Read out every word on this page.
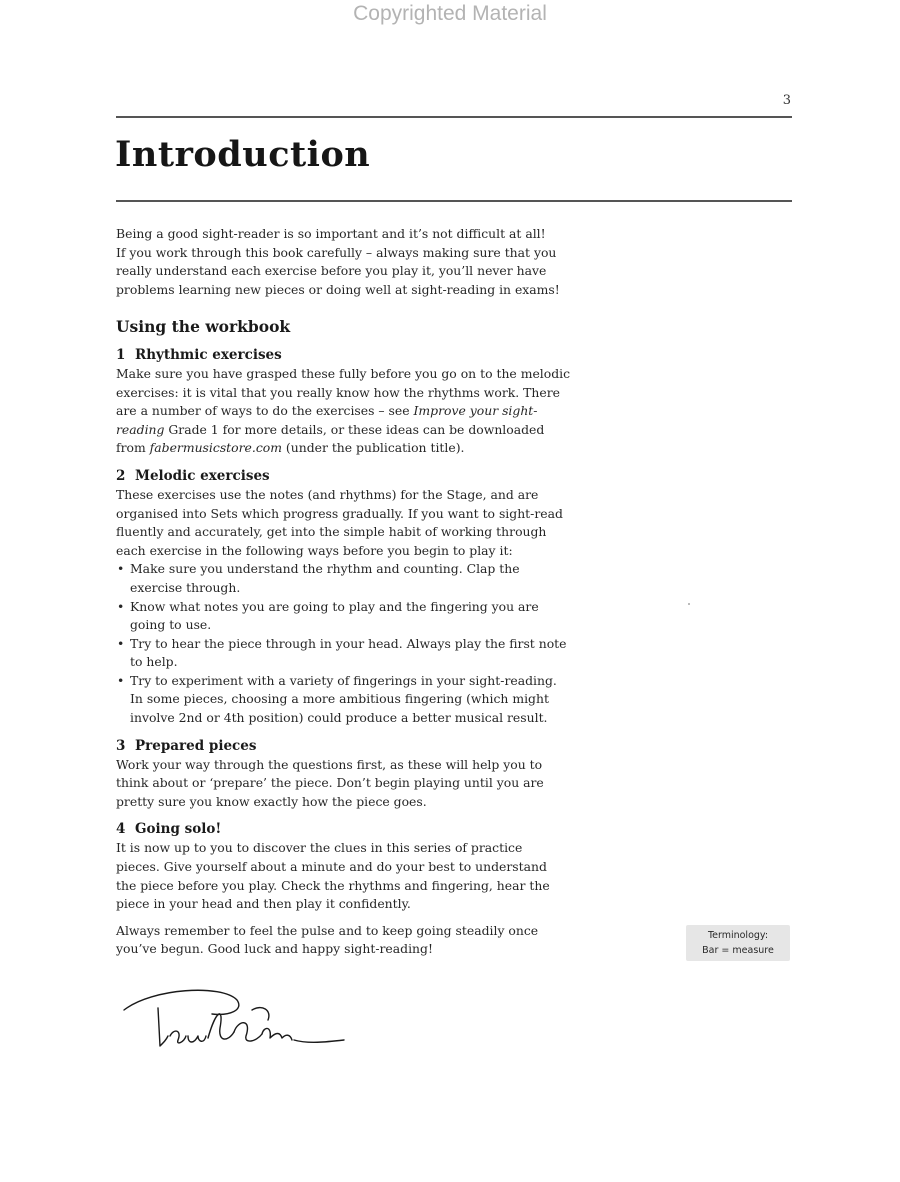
Copyrighted Material
3
Introduction

Being a good sight-reader is so important and it’s not difficult at all!
If you work through this book carefully – always making sure that you
really understand each exercise before you play it, you’ll never have
problems learning new pieces or doing well at sight-reading in exams!

Using the workbook
1 Rhythmic exercises

Make sure you have grasped these fully before you go on to the melodic
exercises: it is vital that you really know how the rhythms work. There
are a number of ways to do the exercises – see Improve your sight-
reading Grade 1 for more details, or these ideas can be downloaded
from fabermusicstore.com (under the publication title).

2 Melodic exercises

These exercises use the notes (and rhythms) for the Stage, and are
organised into Sets which progress gradually. If you want to sight-read
fluently and accurately, get into the simple habit of working through
each exercise in the following ways before you begin to play it:

• Make sure you understand the rhythm and counting. Clap the
exercise through.
• Know what notes you are going to play and the fingering you are
going to use.
• Try to hear the piece through in your head. Always play the first note
to help.
• Try to experiment with a variety of fingerings in your sight-reading.
In some pieces, choosing a more ambitious fingering (which might
involve 2nd or 4th position) could produce a better musical result.
3 Prepared pieces

Work your way through the questions first, as these will help you to
think about or ‘prepare’ the piece. Don’t begin playing until you are
pretty sure you know exactly how the piece goes.

4 Going solo!

It is now up to you to discover the clues in this series of practice
pieces. Give yourself about a minute and do your best to understand
the piece before you play. Check the rhythms and fingering, hear the
piece in your head and then play it confidently.

Always remember to feel the pulse and to keep going steadily once
you’ve begun. Good luck and happy sight-reading!

Terminology:
Bar = measure
